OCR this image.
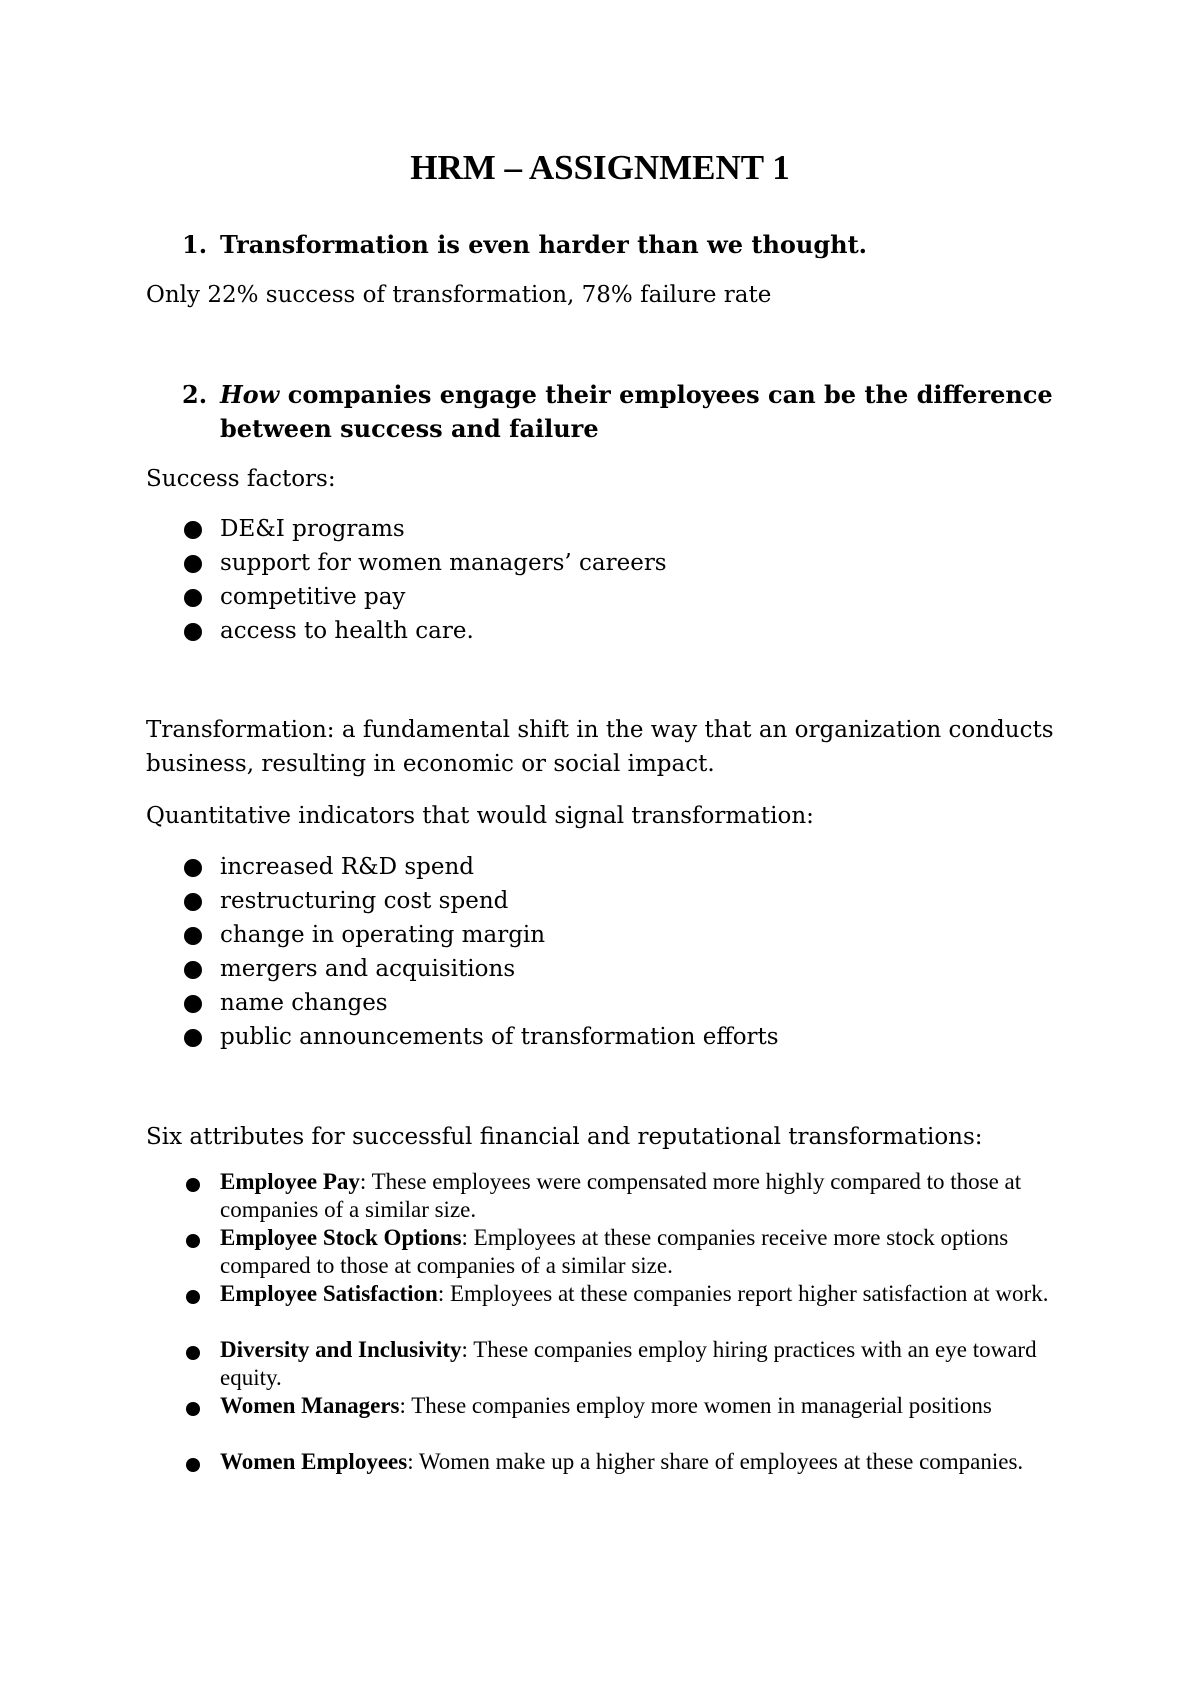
HRM – ASSIGNMENT 1
1. Transformation is even harder than we thought.

Only 22% success of transformation, 78% failure rate

2. How companies engage their employees can be the difference between success and failure

Success factors:

DE&I programs
support for women managers’ careers
competitive pay
access to health care.

Transformation: a fundamental shift in the way that an organization conducts business, resulting in economic or social impact.

Quantitative indicators that would signal transformation:

increased R&D spend
restructuring cost spend
change in operating margin
mergers and acquisitions
name changes
public announcements of transformation efforts

Six attributes for successful financial and reputational transformations:

Employee Pay: These employees were compensated more highly compared to those at companies of a similar size.
Employee Stock Options: Employees at these companies receive more stock options compared to those at companies of a similar size.
Employee Satisfaction: Employees at these companies report higher satisfaction at work.
Diversity and Inclusivity: These companies employ hiring practices with an eye toward equity.
Women Managers: These companies employ more women in managerial positions
Women Employees: Women make up a higher share of employees at these companies.
